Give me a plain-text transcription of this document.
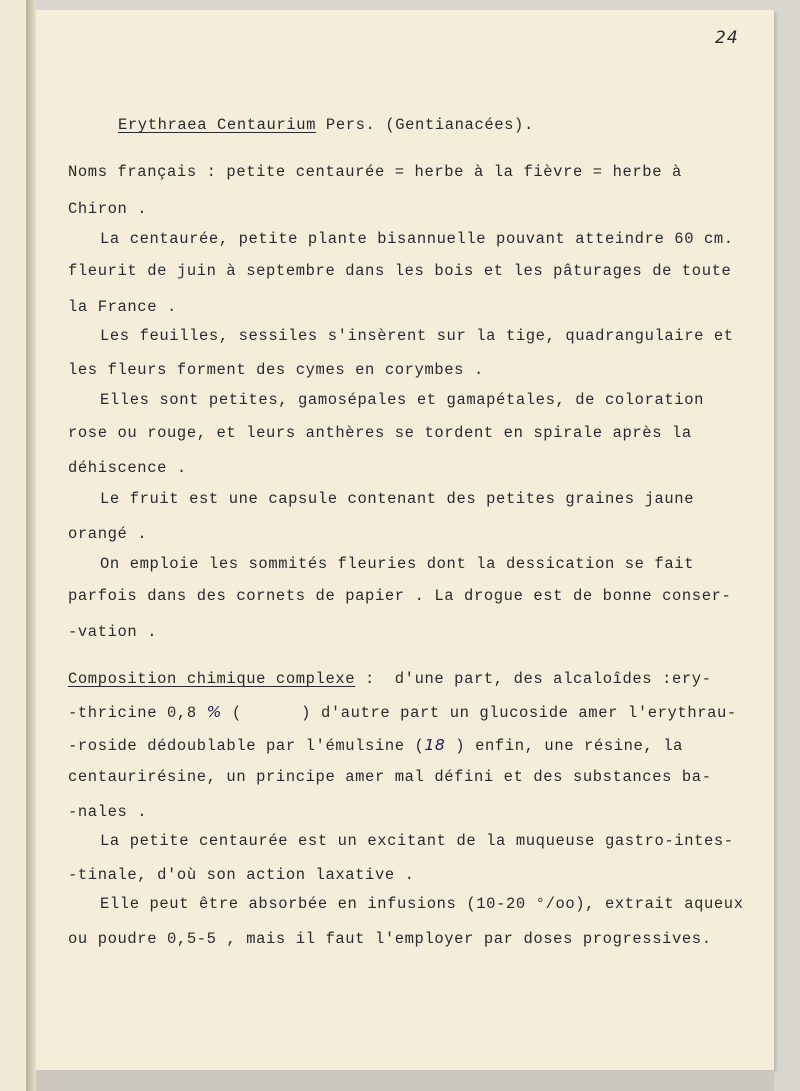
24

Erythraea Centaurium Pers. (Gentianacées).

Noms français : petite centaurée = herbe à la fièvre = herbe à

Chiron .

La centaurée, petite plante bisannuelle pouvant atteindre 60 cm.

fleurit de juin à septembre dans les bois et les pâturages de toute

la France .

Les feuilles, sessiles s'insèrent sur la tige, quadrangulaire et

les fleurs forment des cymes en corymbes .

Elles sont petites, gamosépales et gamapétales, de coloration

rose ou rouge, et leurs anthères se tordent en spirale après la

déhiscence .

Le fruit est une capsule contenant des petites graines jaune

orangé .

On emploie les sommités fleuries dont la dessication se fait

parfois dans des cornets de papier . La drogue est de bonne conser-

-vation .

Composition chimique complexe :  d'une part, des alcaloîdes :ery-

-thricine 0,8 % (      ) d'autre part un glucoside amer l'erythrau-

-roside dédoublable par l'émulsine (18 ) enfin, une résine, la

centaurirésine, un principe amer mal défini et des substances ba-

-nales .

La petite centaurée est un excitant de la muqueuse gastro-intes-

-tinale, d'où son action laxative .

Elle peut être absorbée en infusions (10-20 °/oo), extrait aqueux

ou poudre 0,5-5 , mais il faut l'employer par doses progressives.
